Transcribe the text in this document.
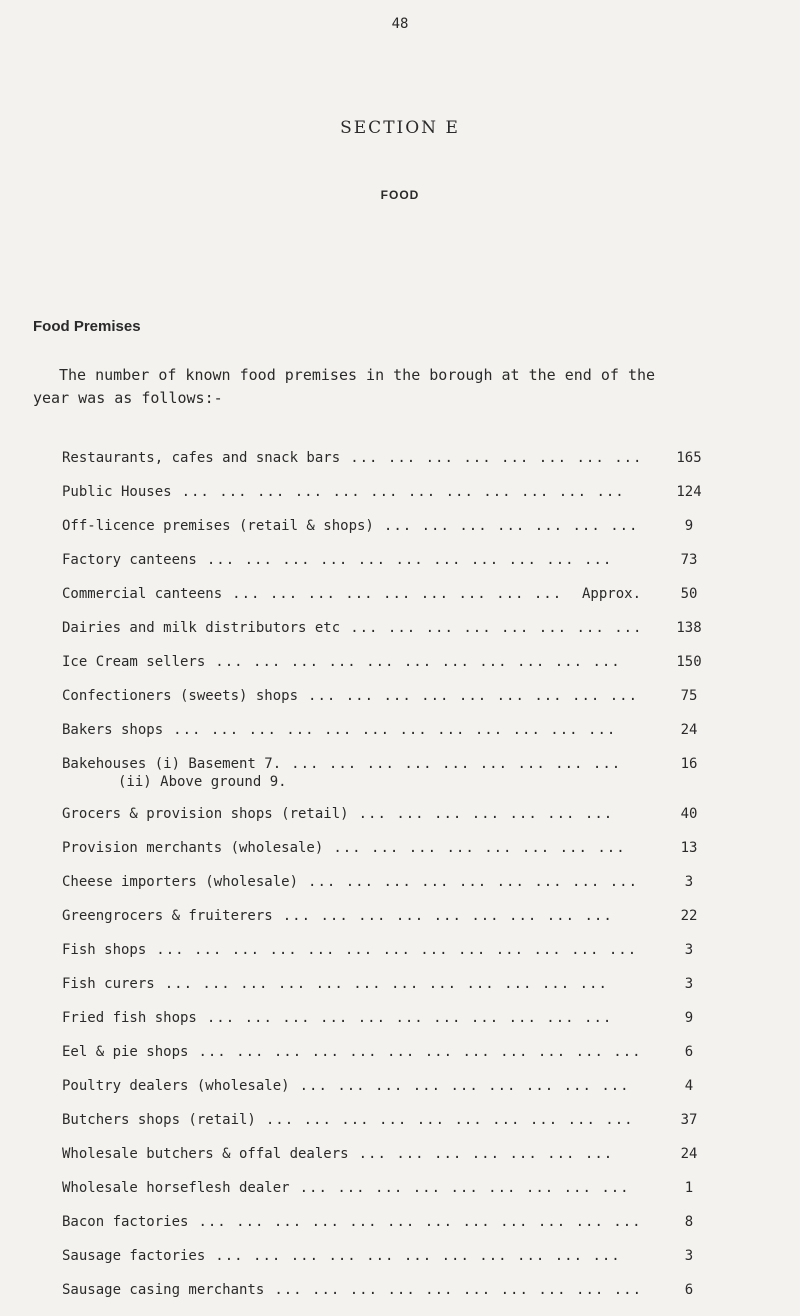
48
SECTION E
FOOD
Food Premises
The number of known food premises in the borough at the end of the
year was as follows:-
Restaurants, cafes and snack bars ... ... ... ... ... ... ... ...	165
Public Houses ... ... ... ... ... ... ... ... ... ... ... ...	124
Off-licence premises (retail & shops) ... ... ... ... ... ... ...	9
Factory canteens ... ... ... ... ... ... ... ... ... ... ...	73
Commercial canteens ... ... ... ... ... ... ... ... ... Approx.	50
Dairies and milk distributors etc ... ... ... ... ... ... ... ...	138
Ice Cream sellers ... ... ... ... ... ... ... ... ... ... ...	150
Confectioners (sweets) shops ... ... ... ... ... ... ... ... ...	75
Bakers shops ... ... ... ... ... ... ... ... ... ... ... ...	24
Bakehouses (i) Basement 7. ... ... ... ... ... ... ... ... ...	16
(ii) Above ground 9.
Grocers & provision shops (retail) ... ... ... ... ... ... ...	40
Provision merchants (wholesale) ... ... ... ... ... ... ... ...	13
Cheese importers (wholesale) ... ... ... ... ... ... ... ... ...	3
Greengrocers & fruiterers ... ... ... ... ... ... ... ... ...	22
Fish shops ... ... ... ... ... ... ... ... ... ... ... ... ...	3
Fish curers ... ... ... ... ... ... ... ... ... ... ... ...	3
Fried fish shops ... ... ... ... ... ... ... ... ... ... ...	9
Eel & pie shops ... ... ... ... ... ... ... ... ... ... ... ...	6
Poultry dealers (wholesale) ... ... ... ... ... ... ... ... ...	4
Butchers shops (retail) ... ... ... ... ... ... ... ... ... ...	37
Wholesale butchers & offal dealers ... ... ... ... ... ... ...	24
Wholesale horseflesh dealer ... ... ... ... ... ... ... ... ...	1
Bacon factories ... ... ... ... ... ... ... ... ... ... ... ...	8
Sausage factories ... ... ... ... ... ... ... ... ... ... ...	3
Sausage casing merchants ... ... ... ... ... ... ... ... ... ...	6
